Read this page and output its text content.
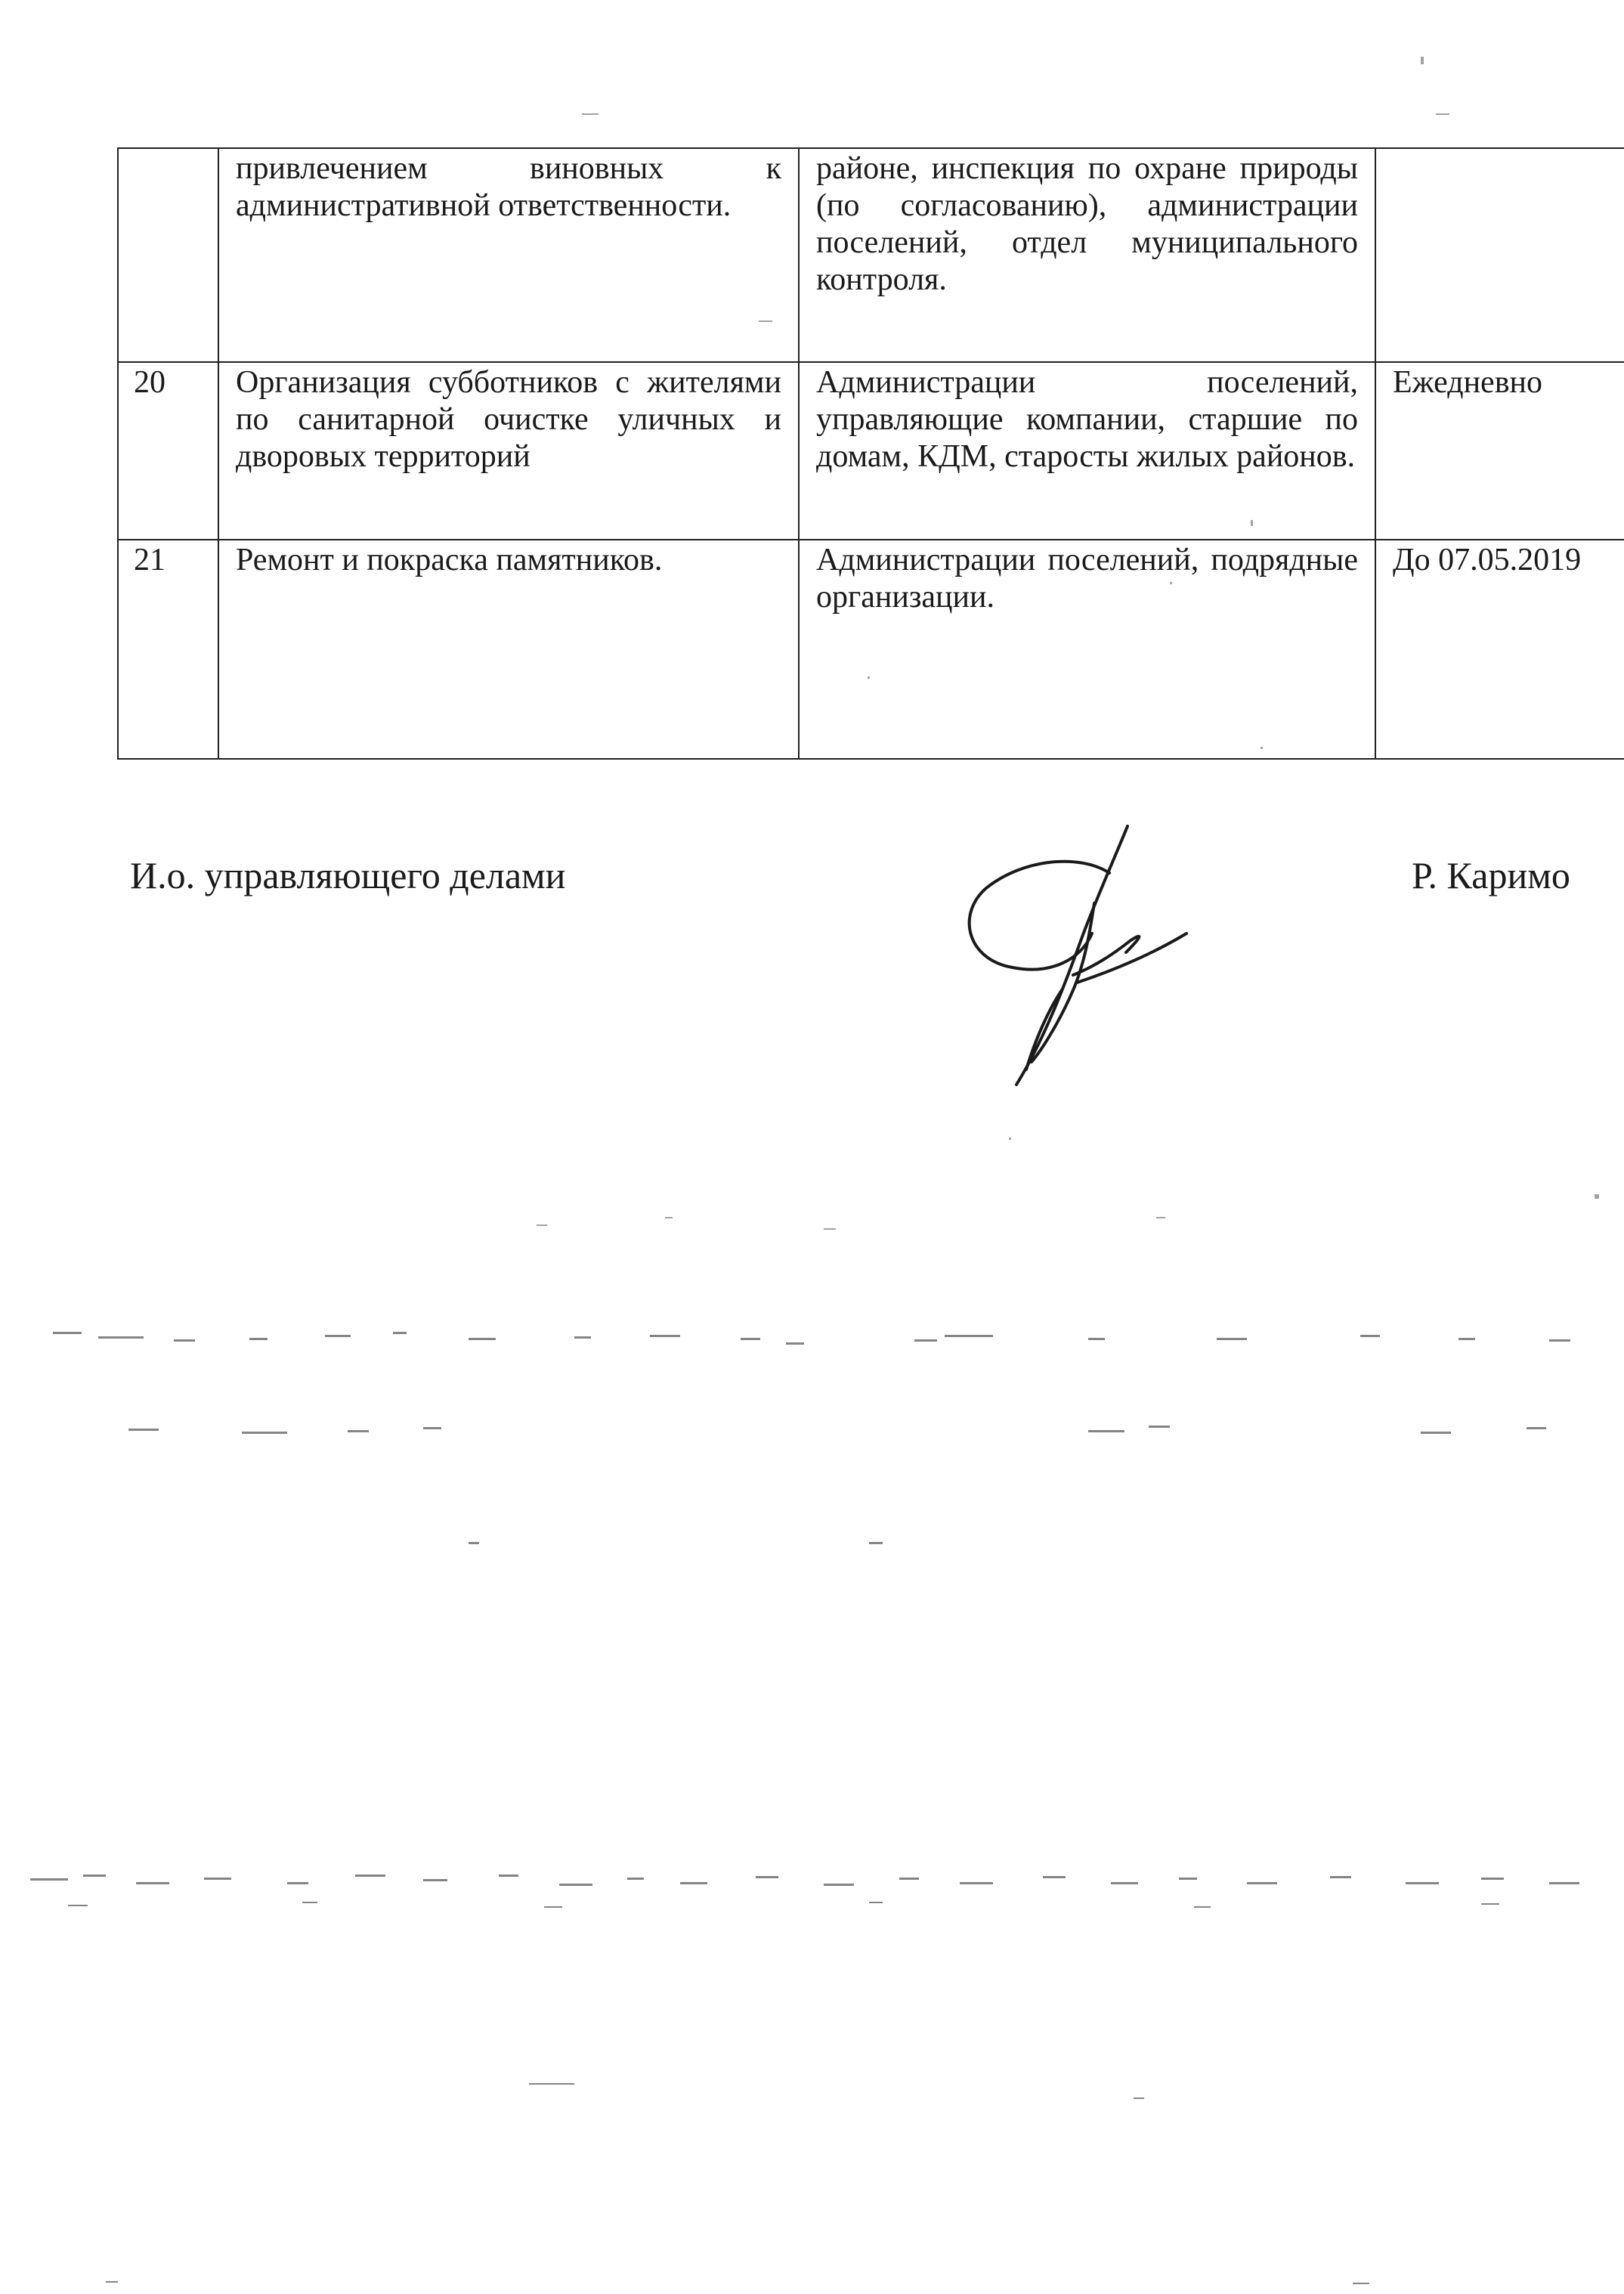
	привлечением виновных к административной ответственности.	районе, инспекция по охране природы (по согласованию), администрации поселений, отдел муниципального контроля.	
20	Организация субботников с жителями по санитарной очистке уличных и дворовых территорий	Администрации поселений, управляющие компании, старшие по домам, КДМ, старосты жилых районов.	Ежедневно
21	Ремонт и покраска памятников.	Администрации поселений, подрядные организации.	До 07.05.2019
И.о. управляющего делами	Р. Каримо
